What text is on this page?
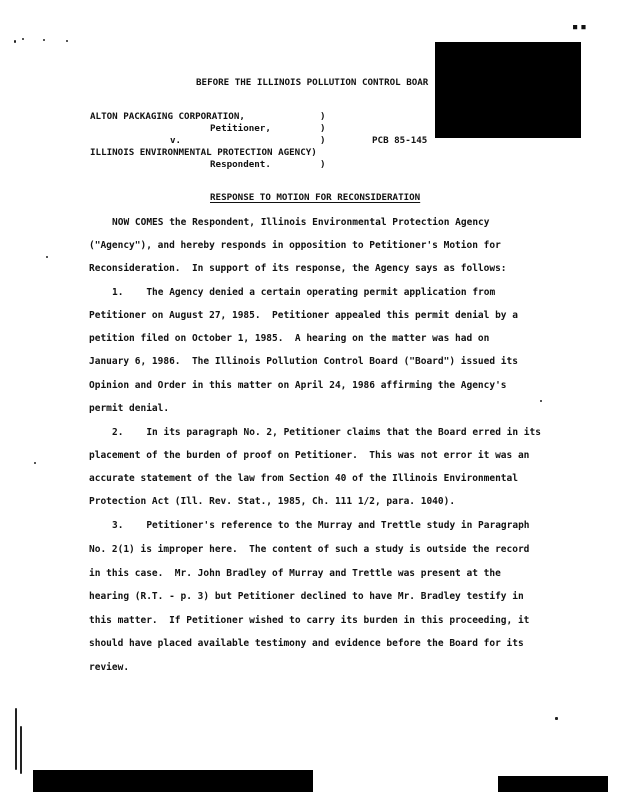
■ ■
BEFORE THE ILLINOIS POLLUTION CONTROL BOAR
ALTON PACKAGING CORPORATION,	)
Petitioner,	)
v.	)	PCB 85-145
ILLINOIS ENVIRONMENTAL PROTECTION AGENCY)
Respondent.	)
RESPONSE TO MOTION FOR RECONSIDERATION
NOW COMES the Respondent, Illinois Environmental Protection Agency
("Agency"), and hereby responds in opposition to Petitioner's Motion for
Reconsideration.  In support of its response, the Agency says as follows:
1.    The Agency denied a certain operating permit application from
Petitioner on August 27, 1985.  Petitioner appealed this permit denial by a
petition filed on October 1, 1985.  A hearing on the matter was had on
January 6, 1986.  The Illinois Pollution Control Board ("Board") issued its
Opinion and Order in this matter on April 24, 1986 affirming the Agency's
permit denial.
2.    In its paragraph No. 2, Petitioner claims that the Board erred in its
placement of the burden of proof on Petitioner.  This was not error it was an
accurate statement of the law from Section 40 of the Illinois Environmental
Protection Act (Ill. Rev. Stat., 1985, Ch. 111 1/2, para. 1040).
3.    Petitioner's reference to the Murray and Trettle study in Paragraph
No. 2(1) is improper here.  The content of such a study is outside the record
in this case.  Mr. John Bradley of Murray and Trettle was present at the
hearing (R.T. - p. 3) but Petitioner declined to have Mr. Bradley testify in
this matter.  If Petitioner wished to carry its burden in this proceeding, it
should have placed available testimony and evidence before the Board for its
review.
